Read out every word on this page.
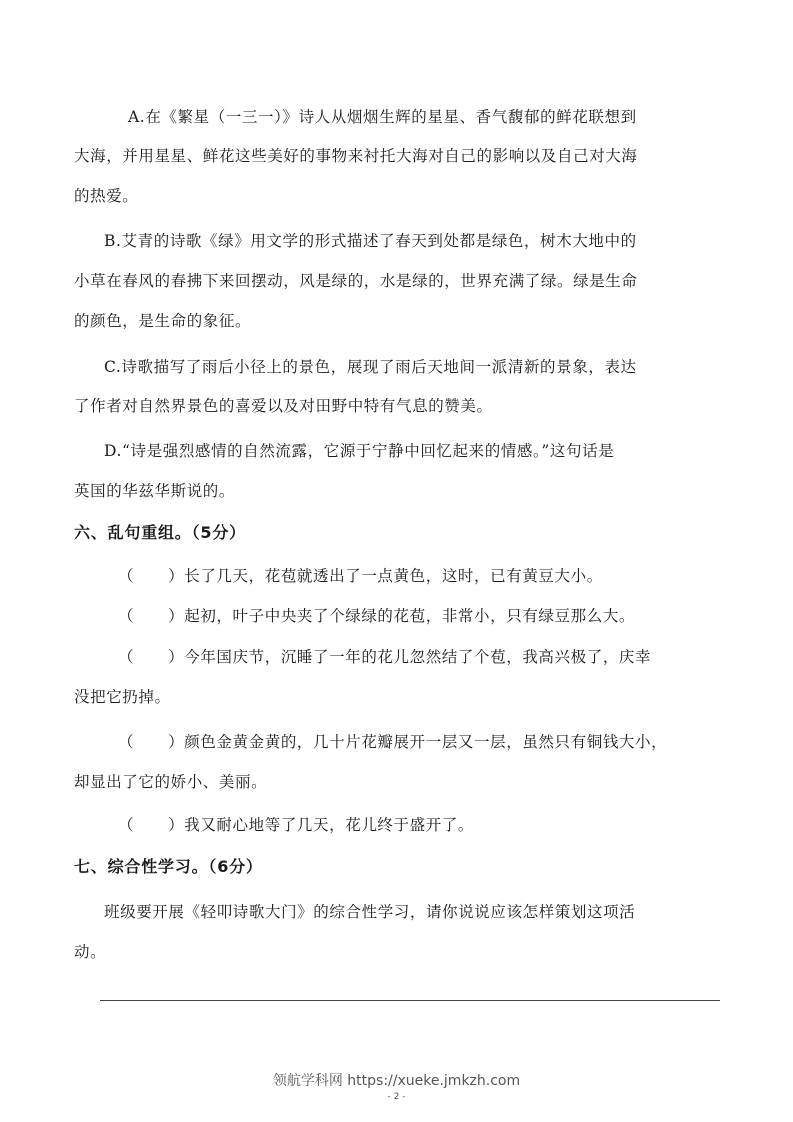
A.在《繁星（一三一）》诗人从烟烟生辉的星星、香气馥郁的鲜花联想到
大海，并用星星、鲜花这些美好的事物来衬托大海对自己的影响以及自己对大海
的热爱。
B.艾青的诗歌《绿》用文学的形式描述了春天到处都是绿色，树木大地中的
小草在春风的春拂下来回摆动，风是绿的，水是绿的，世界充满了绿。绿是生命
的颜色，是生命的象征。
C.诗歌描写了雨后小径上的景色，展现了雨后天地间一派清新的景象，表达
了作者对自然界景色的喜爱以及对田野中特有气息的赞美。
D.“诗是强烈感情的自然流露，它源于宁静中回忆起来的情感。”这句话是
英国的华兹华斯说的。
六、乱句重组。（5分）
（ ）长了几天，花苞就透出了一点黄色，这时，已有黄豆大小。
（ ）起初，叶子中央夹了个绿绿的花苞，非常小，只有绿豆那么大。
（ ）今年国庆节，沉睡了一年的花儿忽然结了个苞，我高兴极了，庆幸
没把它扔掉。
（ ）颜色金黄金黄的，几十片花瓣展开一层又一层，虽然只有铜钱大小，
却显出了它的娇小、美丽。
（ ）我又耐心地等了几天，花儿终于盛开了。
七、综合性学习。（6分）
班级要开展《轻叩诗歌大门》的综合性学习，请你说说应该怎样策划这项活
动。
领航学科网 https://xueke.jmkzh.com
- 2 -
